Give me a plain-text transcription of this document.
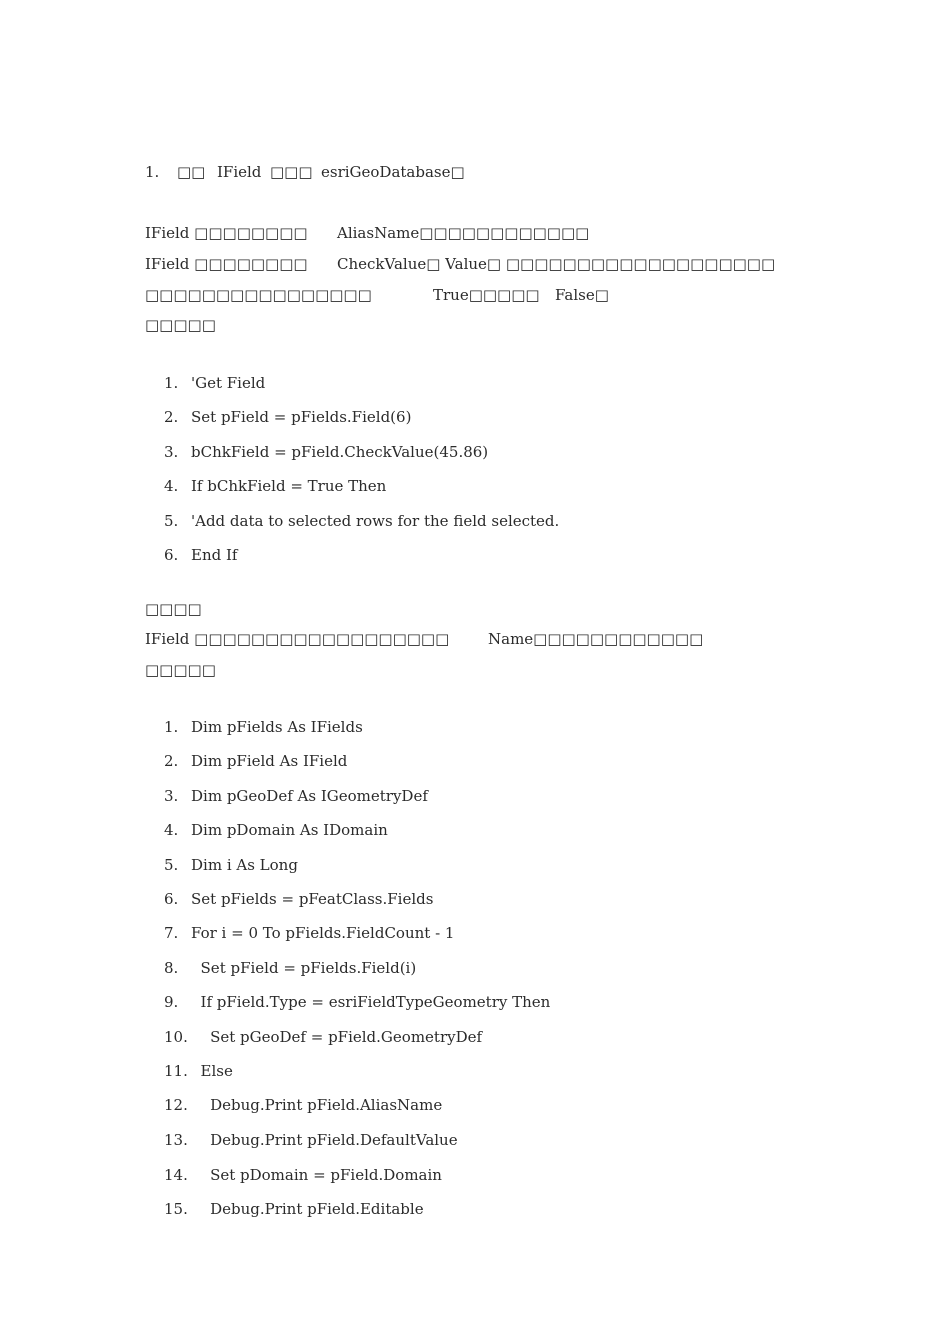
1. □□ IField □□□ esriGeoDatabase□
IField □□□□□□□□ AliasName□□□□□□□□□□□□
IField □□□□□□□□ CheckValue□ Value□ □□□□□□□□□□□□□□□□□□□
□□□□□□□□□□□□□□□□	True□□□□□ False□
□□□□□
1. 'Get Field
2. Set pField = pFields.Field(6)
3. bChkField = pField.CheckValue(45.86)
4. If bChkField = True Then
5. 'Add data to selected rows for the field selected.
6. End If
□□□□
IField □□□□□□□□□□□□□□□□□□	Name□□□□□□□□□□□□
□□□□□
1. Dim pFields As IFields
2. Dim pField As IField
3. Dim pGeoDef As IGeometryDef
4. Dim pDomain As IDomain
5. Dim i As Long
6. Set pFields = pFeatClass.Fields
7. For i = 0 To pFields.FieldCount - 1
8.  Set pField = pFields.Field(i)
9.  If pField.Type = esriFieldTypeGeometry Then
10.    Set pGeoDef = pField.GeometryDef
11.  Else
12.    Debug.Print pField.AliasName
13.    Debug.Print pField.DefaultValue
14.    Set pDomain = pField.Domain
15.    Debug.Print pField.Editable
